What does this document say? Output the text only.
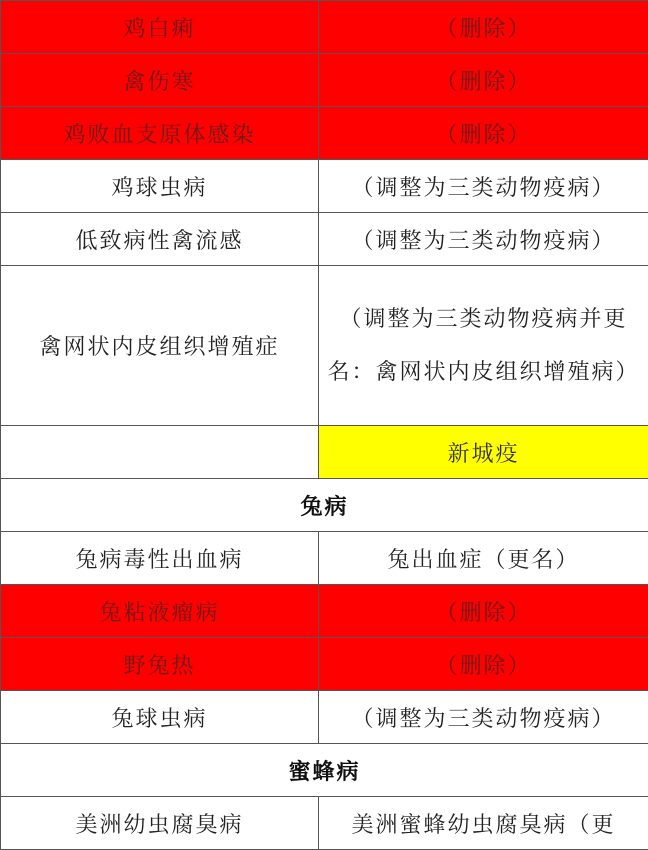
鸡白痢	（删除）
禽伤寒	（删除）
鸡败血支原体感染	（删除）
鸡球虫病	（调整为三类动物疫病）
低致病性禽流感	（调整为三类动物疫病）
禽网状内皮组织增殖症	（调整为三类动物疫病并更名：禽网状内皮组织增殖病）
	新城疫
兔病	
兔病毒性出血病	兔出血症（更名）
兔粘液瘤病	（删除）
野兔热	（删除）
兔球虫病	（调整为三类动物疫病）
蜜蜂病	
美洲幼虫腐臭病	美洲蜜蜂幼虫腐臭病（更
